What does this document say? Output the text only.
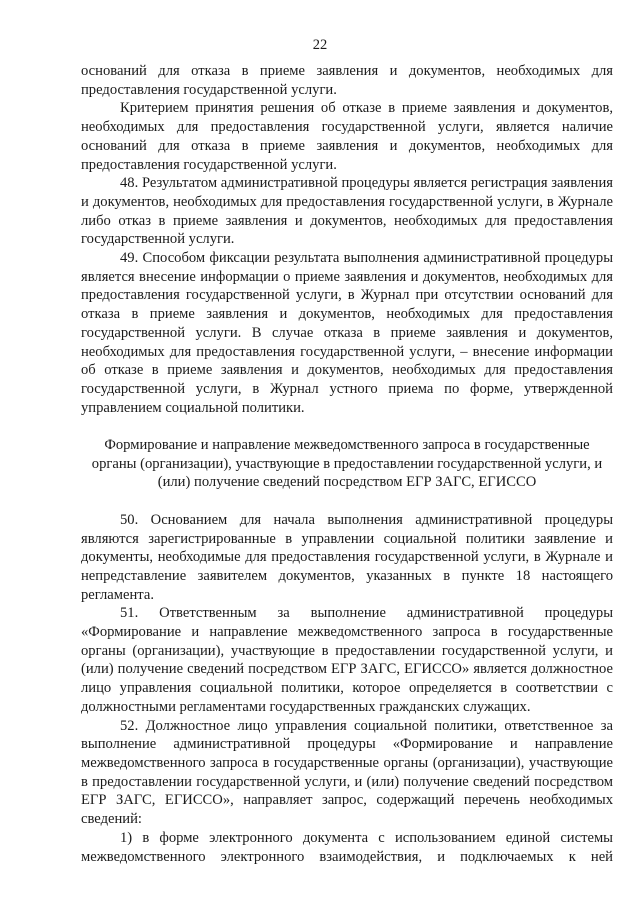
22

оснований для отказа в приеме заявления и документов, необходимых для предоставления государственной услуги.

Критерием принятия решения об отказе в приеме заявления и документов, необходимых для предоставления государственной услуги, является наличие оснований для отказа в приеме заявления и документов, необходимых для предоставления государственной услуги.

48. Результатом административной процедуры является регистрация заявления и документов, необходимых для предоставления государственной услуги, в Журнале либо отказ в приеме заявления и документов, необходимых для предоставления государственной услуги.

49. Способом фиксации результата выполнения административной процедуры является внесение информации о приеме заявления и документов, необходимых для предоставления государственной услуги, в Журнал при отсутствии оснований для отказа в приеме заявления и документов, необходимых для предоставления государственной услуги. В случае отказа в приеме заявления и документов, необходимых для предоставления государственной услуги, – внесение информации об отказе в приеме заявления и документов, необходимых для предоставления государственной услуги, в Журнал устного приема по форме, утвержденной управлением социальной политики.

Формирование и направление межведомственного запроса в государственные органы (организации), участвующие в предоставлении государственной услуги, и (или) получение сведений посредством ЕГР ЗАГС, ЕГИССО

50. Основанием для начала выполнения административной процедуры являются зарегистрированные в управлении социальной политики заявление и документы, необходимые для предоставления государственной услуги, в Журнале и непредставление заявителем документов, указанных в пункте 18 настоящего регламента.

51. Ответственным за выполнение административной процедуры «Формирование и направление межведомственного запроса в государственные органы (организации), участвующие в предоставлении государственной услуги, и (или) получение сведений посредством ЕГР ЗАГС, ЕГИССО» является должностное лицо управления социальной политики, которое определяется в соответствии с должностными регламентами государственных гражданских служащих.

52. Должностное лицо управления социальной политики, ответственное за выполнение административной процедуры «Формирование и направление межведомственного запроса в государственные органы (организации), участвующие в предоставлении государственной услуги, и (или) получение сведений посредством ЕГР ЗАГС, ЕГИССО», направляет запрос, содержащий перечень необходимых сведений:

1) в форме электронного документа с использованием единой системы межведомственного электронного взаимодействия, и подключаемых к ней
